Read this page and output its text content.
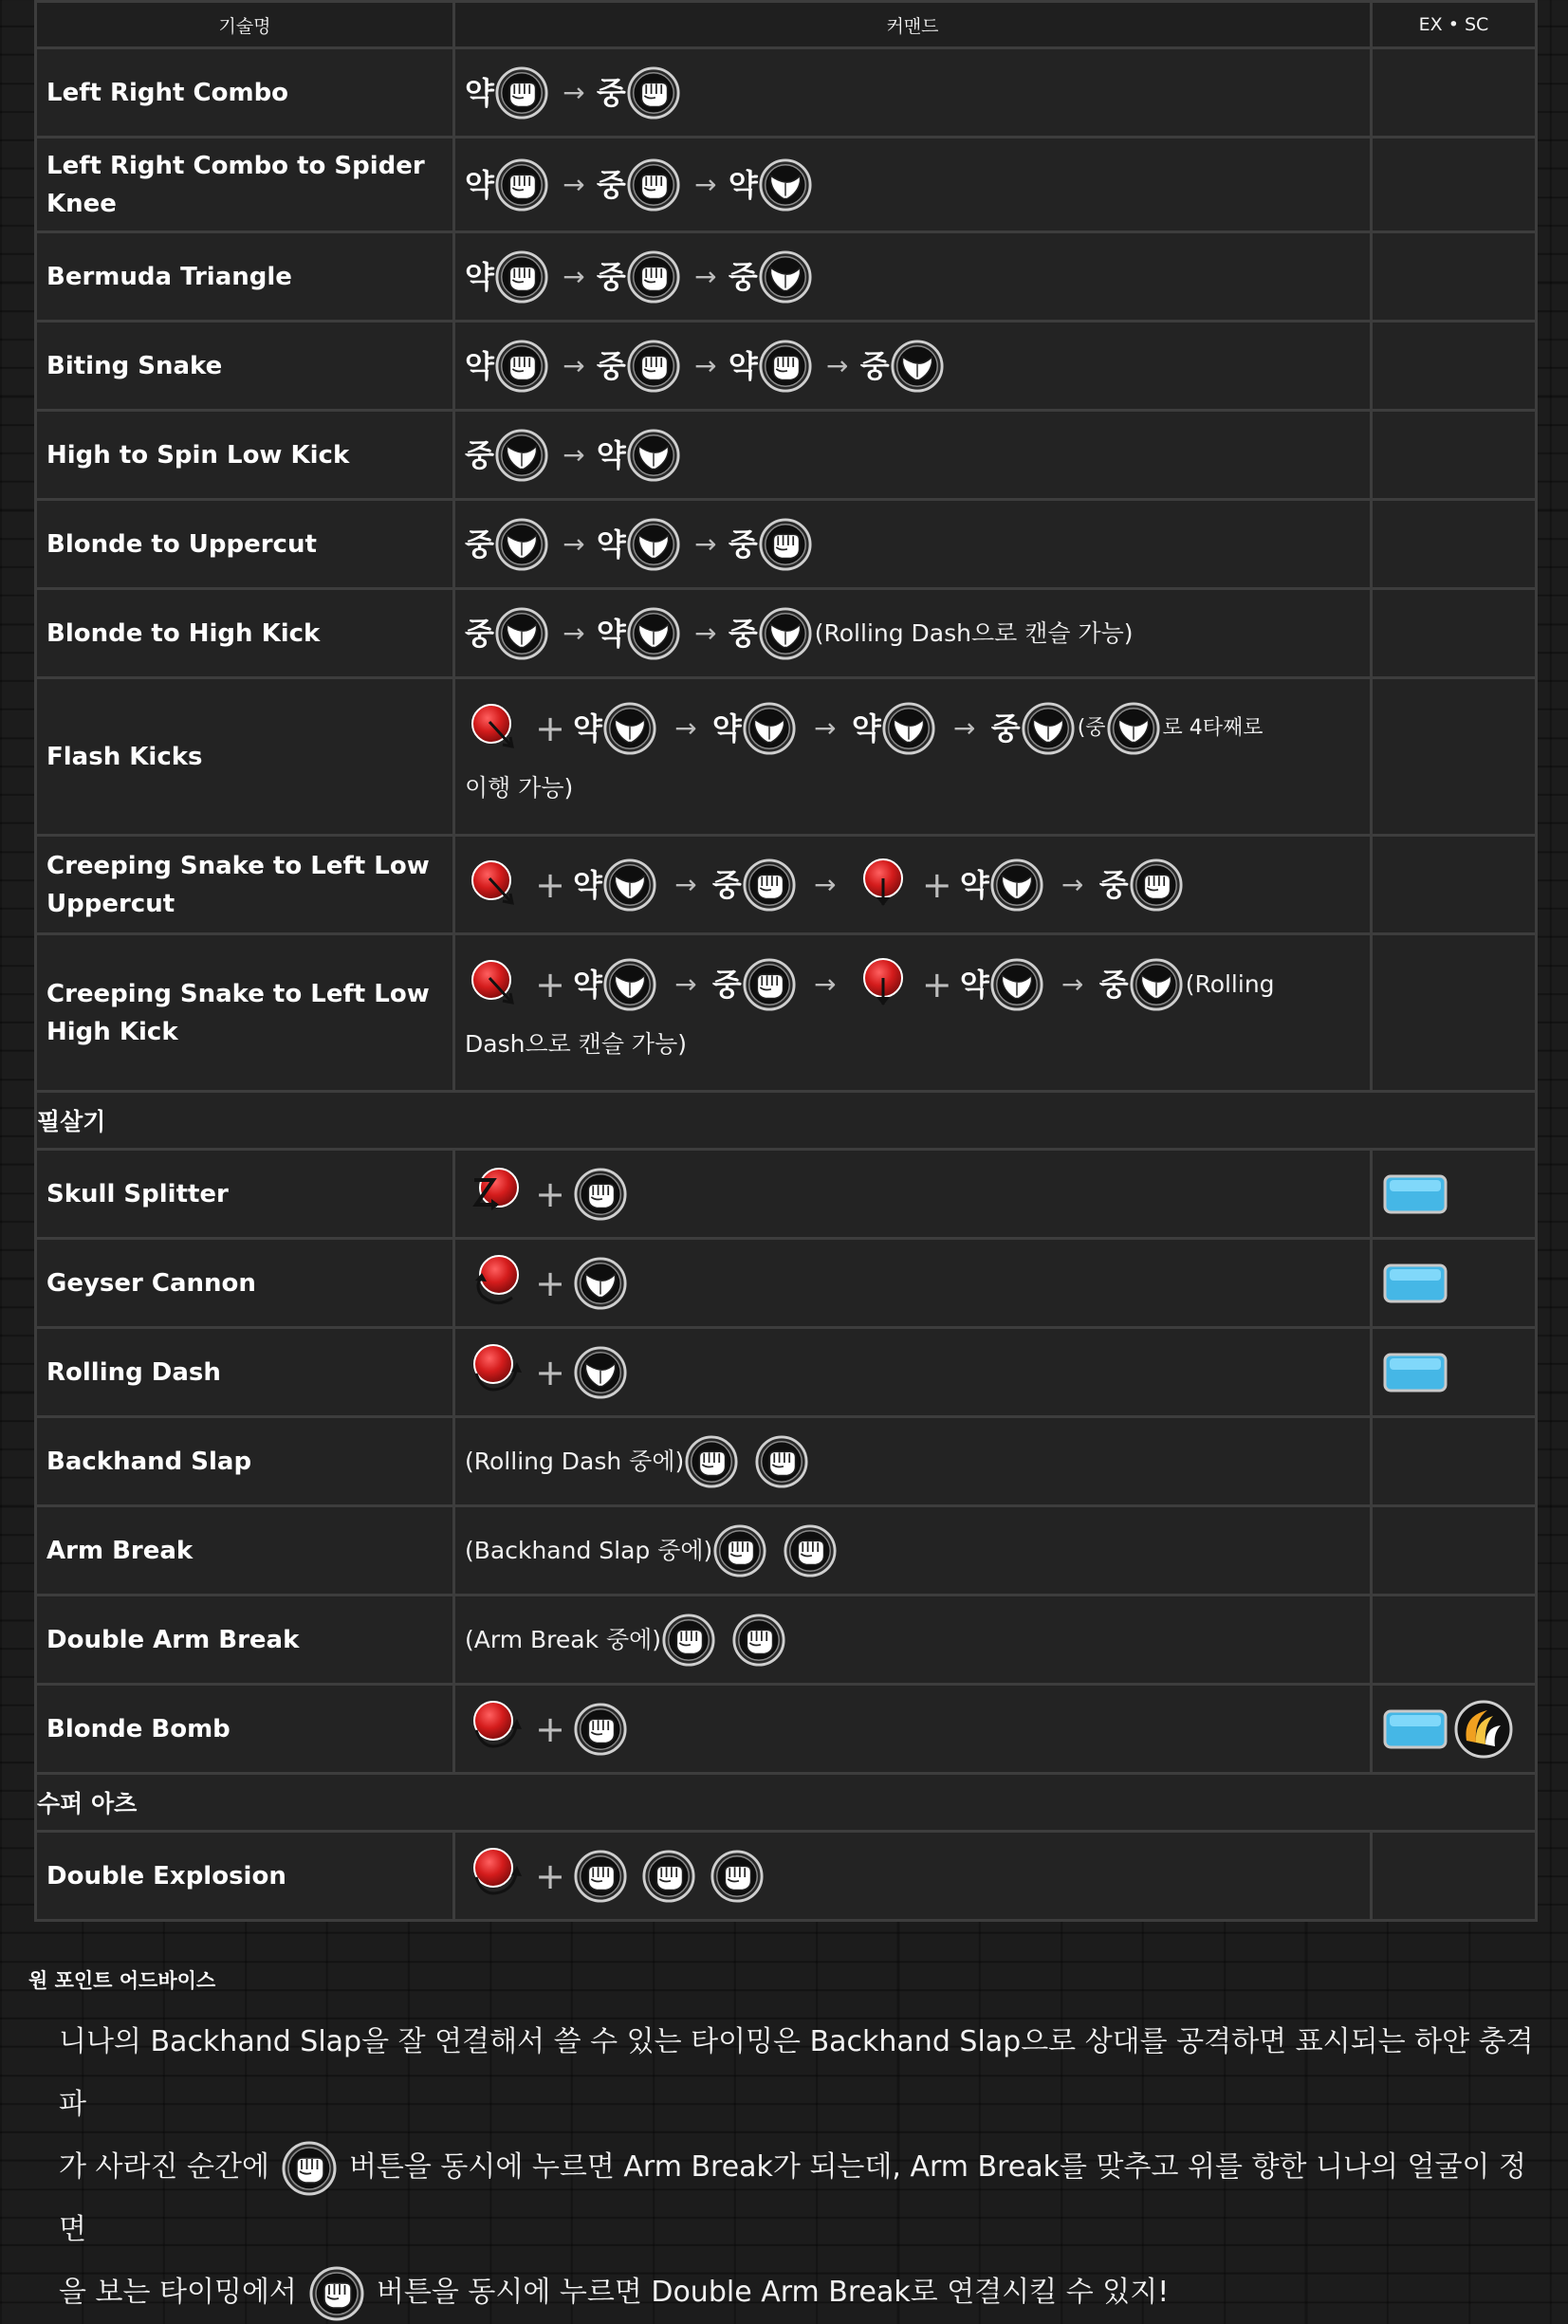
기술명	커맨드	EX • SC
Left Right Combo	약 → 중	

Left Right Combo to Spider Knee	약 → 중 → 약	

Bermuda Triangle	약 → 중 → 중	

Biting Snake	약 → 중 → 약 → 중	

High to Spin Low Kick	중 → 약	

Blonde to Uppercut	중 → 약 → 중	

Blonde to High Kick	중 → 약 → 중 (Rolling Dash으로 캔슬 가능)	

Flash Kicks	+ 약 → 약 → 약 → 중 (중 로 4타째로
이행 가능)	

Creeping Snake to Left Low Uppercut	+ 약 → 중 → + 약 → 중	

Creeping Snake to Left Low High Kick	+ 약 → 중 → + 약 → 중 (Rolling
Dash으로 캔슬 가능)	

필살기		
Skull Splitter	+

Geyser Cannon	+

Rolling Dash	+

Backhand Slap	(Rolling Dash 중에)	

Arm Break	(Backhand Slap 중에)	

Double Arm Break	(Arm Break 중에)	

Blonde Bomb	+

수퍼 아츠		
Double Explosion	+	

원 포인트 어드바이스
니나의 Backhand Slap을 잘 연결해서 쓸 수 있는 타이밍은 Backhand Slap으로 상대를 공격하면 표시되는 하얀 충격파
가 사라진 순간에	버튼을 동시에 누르면 Arm Break가 되는데, Arm Break를 맞추고 위를 향한 니나의 얼굴이 정면
을 보는 타이밍에서	버튼을 동시에 누르면 Double Arm Break로 연결시킬 수 있지!
